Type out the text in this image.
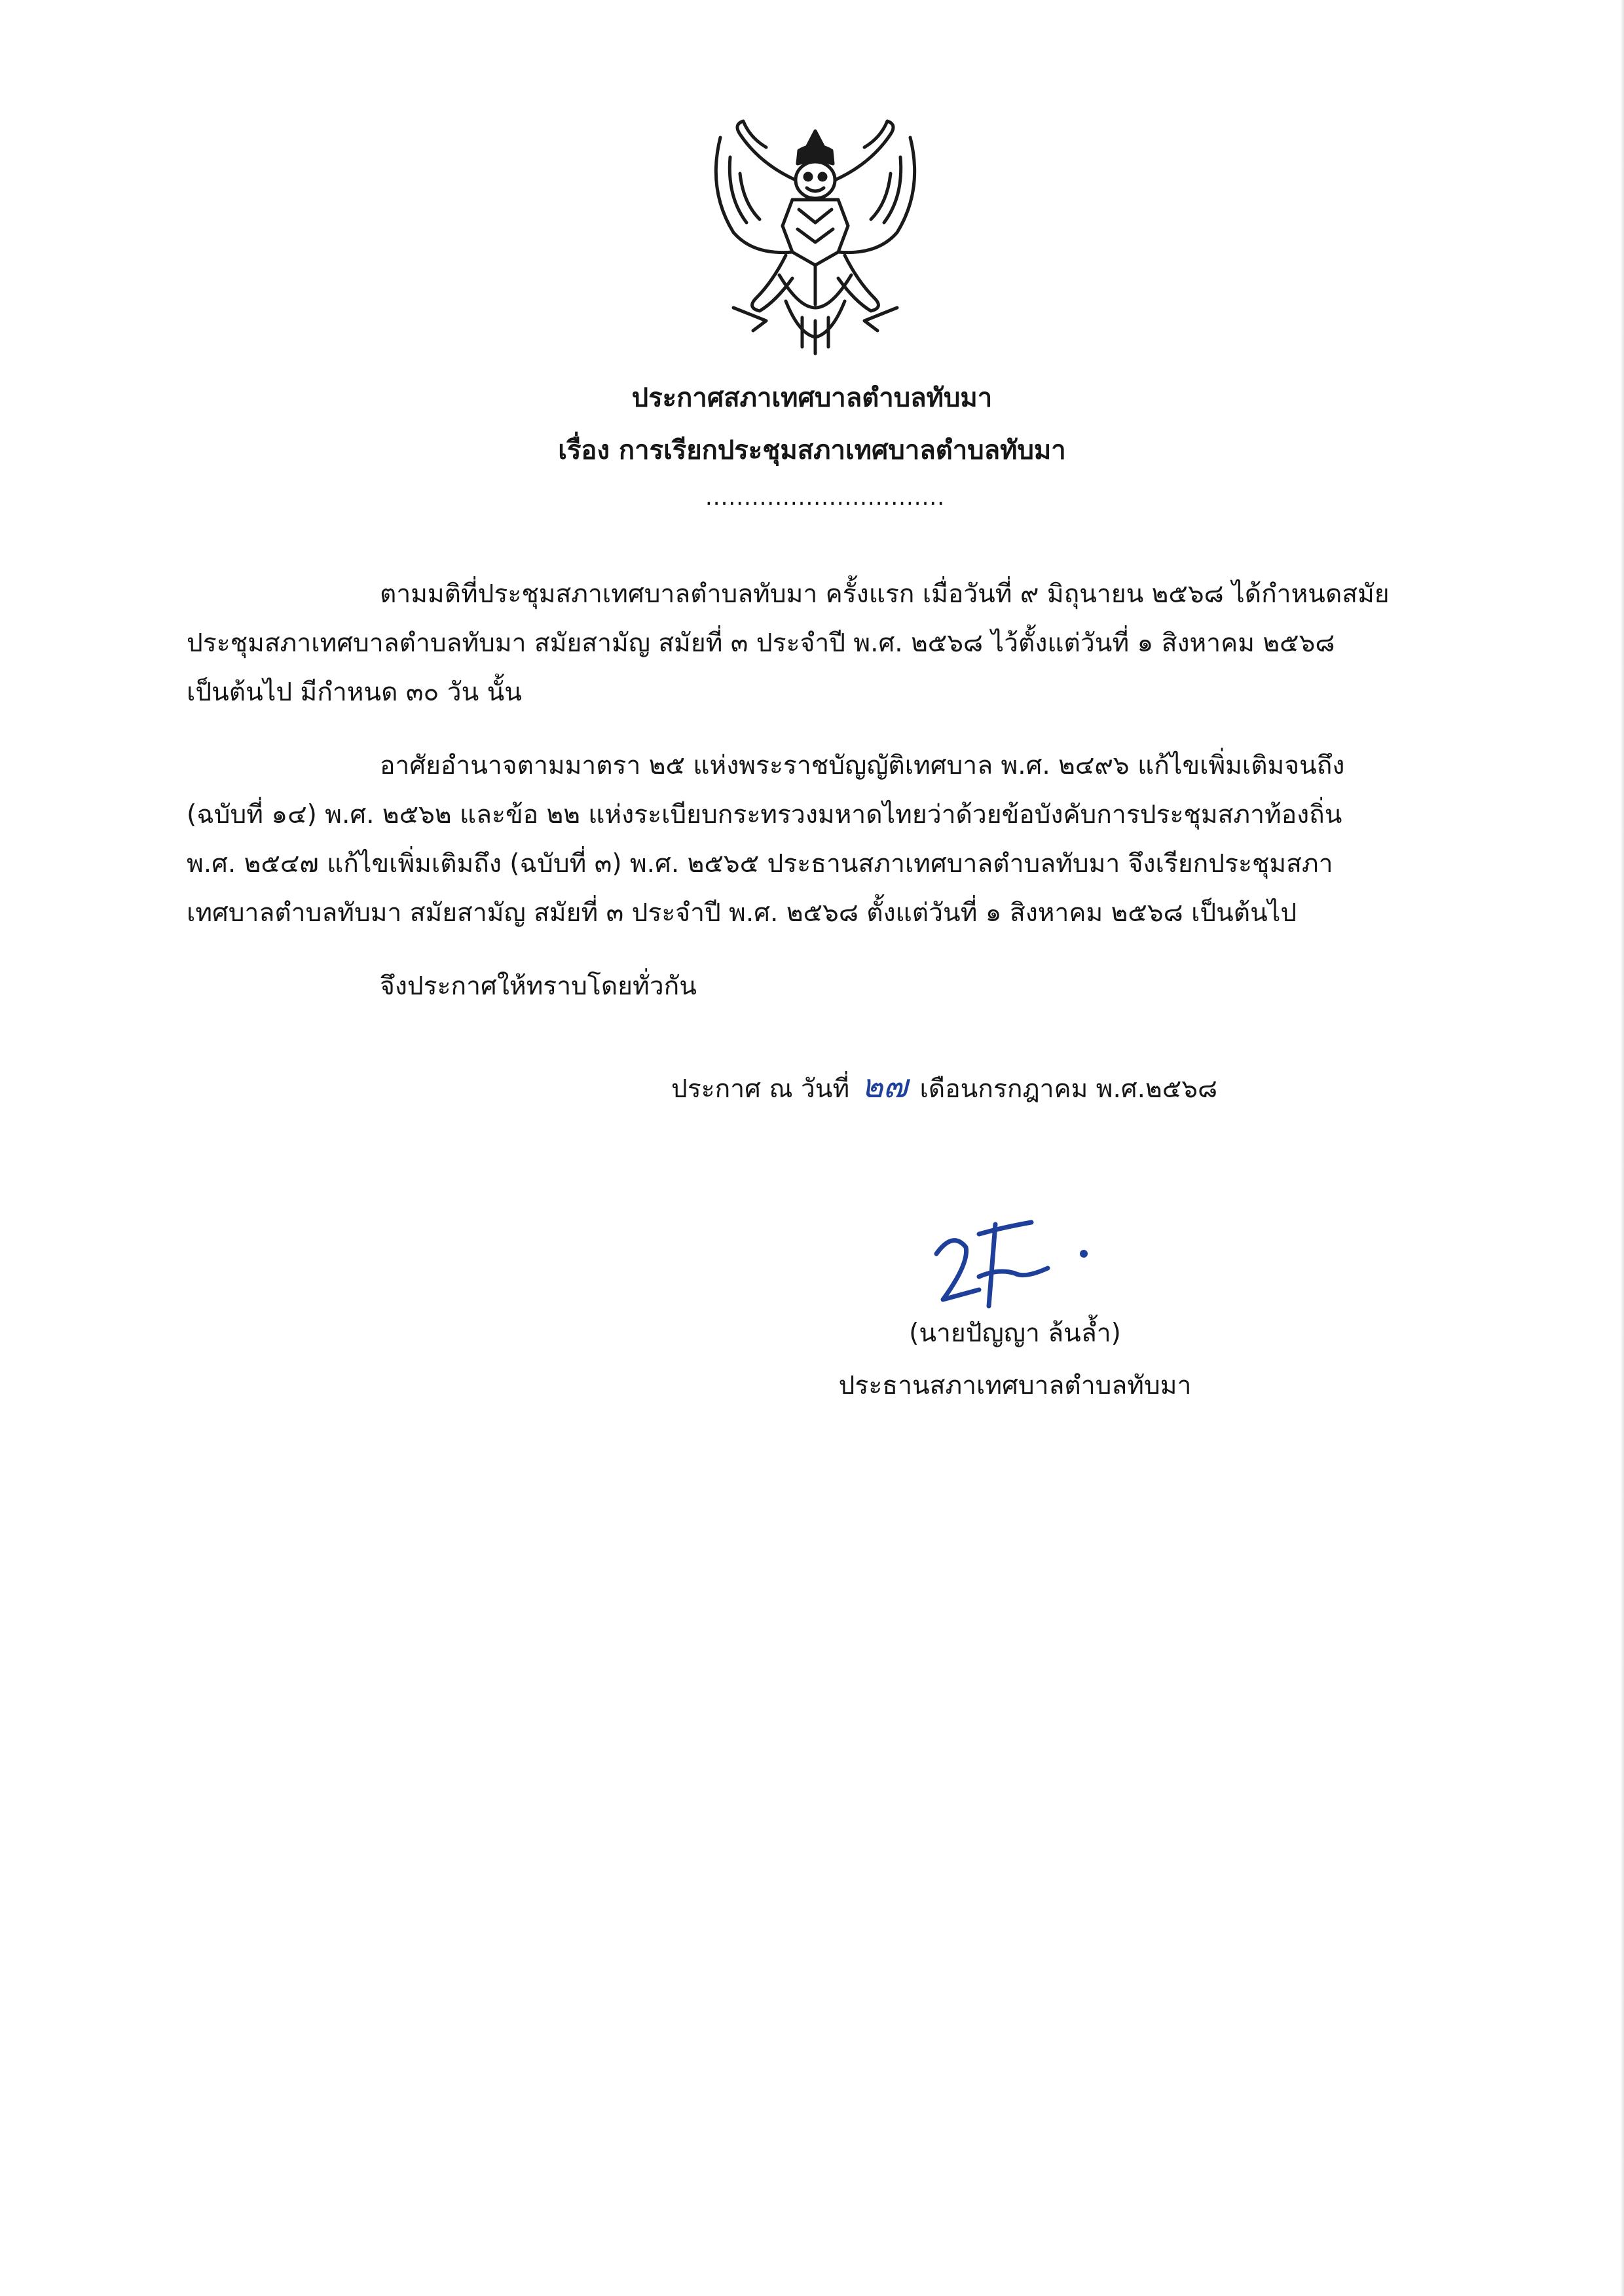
ประกาศสภาเทศบาลตำบลทับมา
เรื่อง การเรียกประชุมสภาเทศบาลตำบลทับมา
...............................

ตามมติที่ประชุมสภาเทศบาลตำบลทับมา ครั้งแรก เมื่อวันที่ ๙ มิถุนายน ๒๕๖๘ ได้กำหนดสมัย

ประชุมสภาเทศบาลตำบลทับมา สมัยสามัญ สมัยที่ ๓ ประจำปี พ.ศ. ๒๕๖๘ ไว้ตั้งแต่วันที่ ๑ สิงหาคม ๒๕๖๘

เป็นต้นไป มีกำหนด ๓๐ วัน นั้น

อาศัยอำนาจตามมาตรา ๒๕ แห่งพระราชบัญญัติเทศบาล พ.ศ. ๒๔๙๖ แก้ไขเพิ่มเติมจนถึง

(ฉบับที่ ๑๔) พ.ศ. ๒๕๖๒ และข้อ ๒๒ แห่งระเบียบกระทรวงมหาดไทยว่าด้วยข้อบังคับการประชุมสภาท้องถิ่น

พ.ศ. ๒๕๔๗ แก้ไขเพิ่มเติมถึง (ฉบับที่ ๓) พ.ศ. ๒๕๖๕ ประธานสภาเทศบาลตำบลทับมา จึงเรียกประชุมสภา

เทศบาลตำบลทับมา สมัยสามัญ สมัยที่ ๓ ประจำปี พ.ศ. ๒๕๖๘ ตั้งแต่วันที่ ๑ สิงหาคม ๒๕๖๘ เป็นต้นไป

จึงประกาศให้ทราบโดยทั่วกัน

ประกาศ ณ วันที่ ๒๗ เดือนกรกฎาคม พ.ศ.๒๕๖๘
(นายปัญญา ล้นล้ำ)
ประธานสภาเทศบาลตำบลทับมา
